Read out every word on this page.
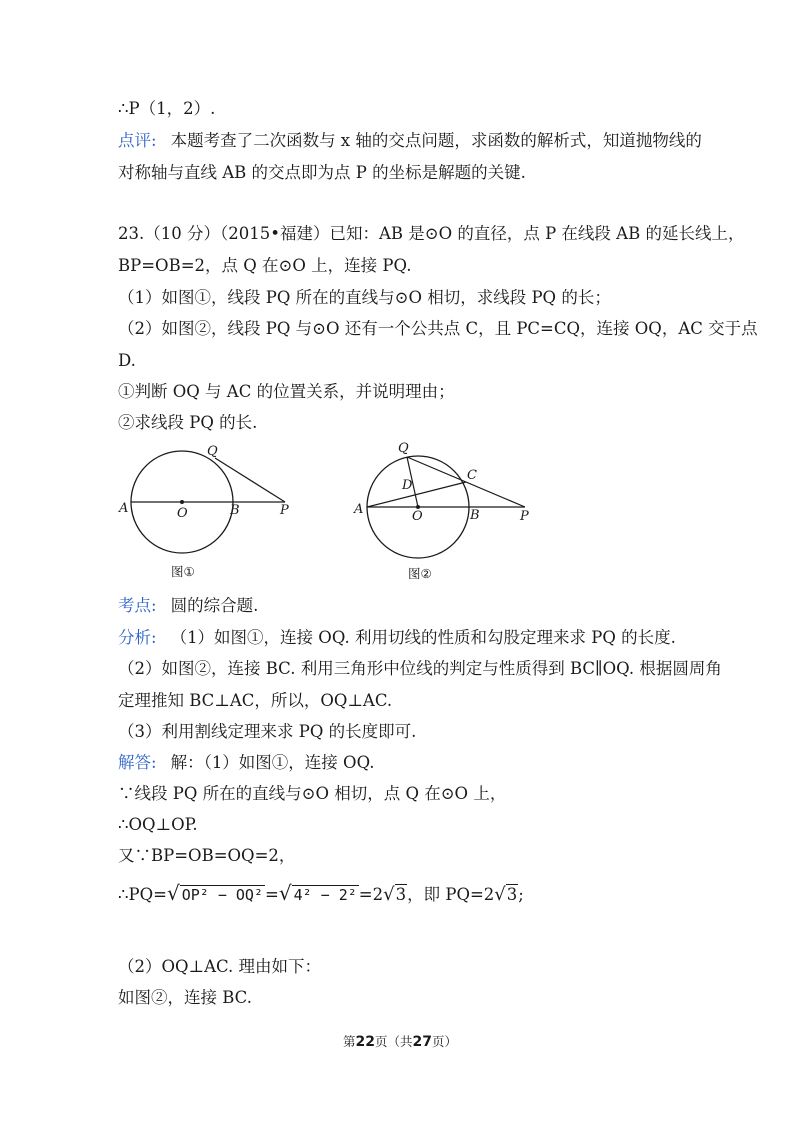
∴P（1，2）.
点评: 本题考查了二次函数与 x 轴的交点问题，求函数的解析式，知道抛物线的
对称轴与直线 AB 的交点即为点 P 的坐标是解题的关键.
23.（10 分）（2015•福建）已知：AB 是⊙O 的直径，点 P 在线段 AB 的延长线上，
BP=OB=2，点 Q 在⊙O 上，连接 PQ.
（1）如图①，线段 PQ 所在的直线与⊙O 相切，求线段 PQ 的长；
（2）如图②，线段 PQ 与⊙O 还有一个公共点 C，且 PC=CQ，连接 OQ，AC 交于点
D.
①判断 OQ 与 AC 的位置关系，并说明理由；
②求线段 PQ 的长.
A	O	B	P
Q
图①
A	O	B	P
Q
C
D
图②
考点: 圆的综合题.
分析: （1）如图①，连接 OQ. 利用切线的性质和勾股定理来求 PQ 的长度.
（2）如图②，连接 BC. 利用三角形中位线的判定与性质得到 BC∥OQ. 根据圆周角
定理推知 BC⊥AC，所以，OQ⊥AC.
（3）利用割线定理来求 PQ 的长度即可.
解答: 解：（1）如图①，连接 OQ.
∵线段 PQ 所在的直线与⊙O 相切，点 Q 在⊙O 上，
∴OQ⊥OP.
又∵BP=OB=OQ=2，
∴PQ=√ OP² − OQ² =√ 4² − 2² =2√3，即 PQ=2√3;
（2）OQ⊥AC. 理由如下：
如图②，连接 BC.
第22页（共27页）
